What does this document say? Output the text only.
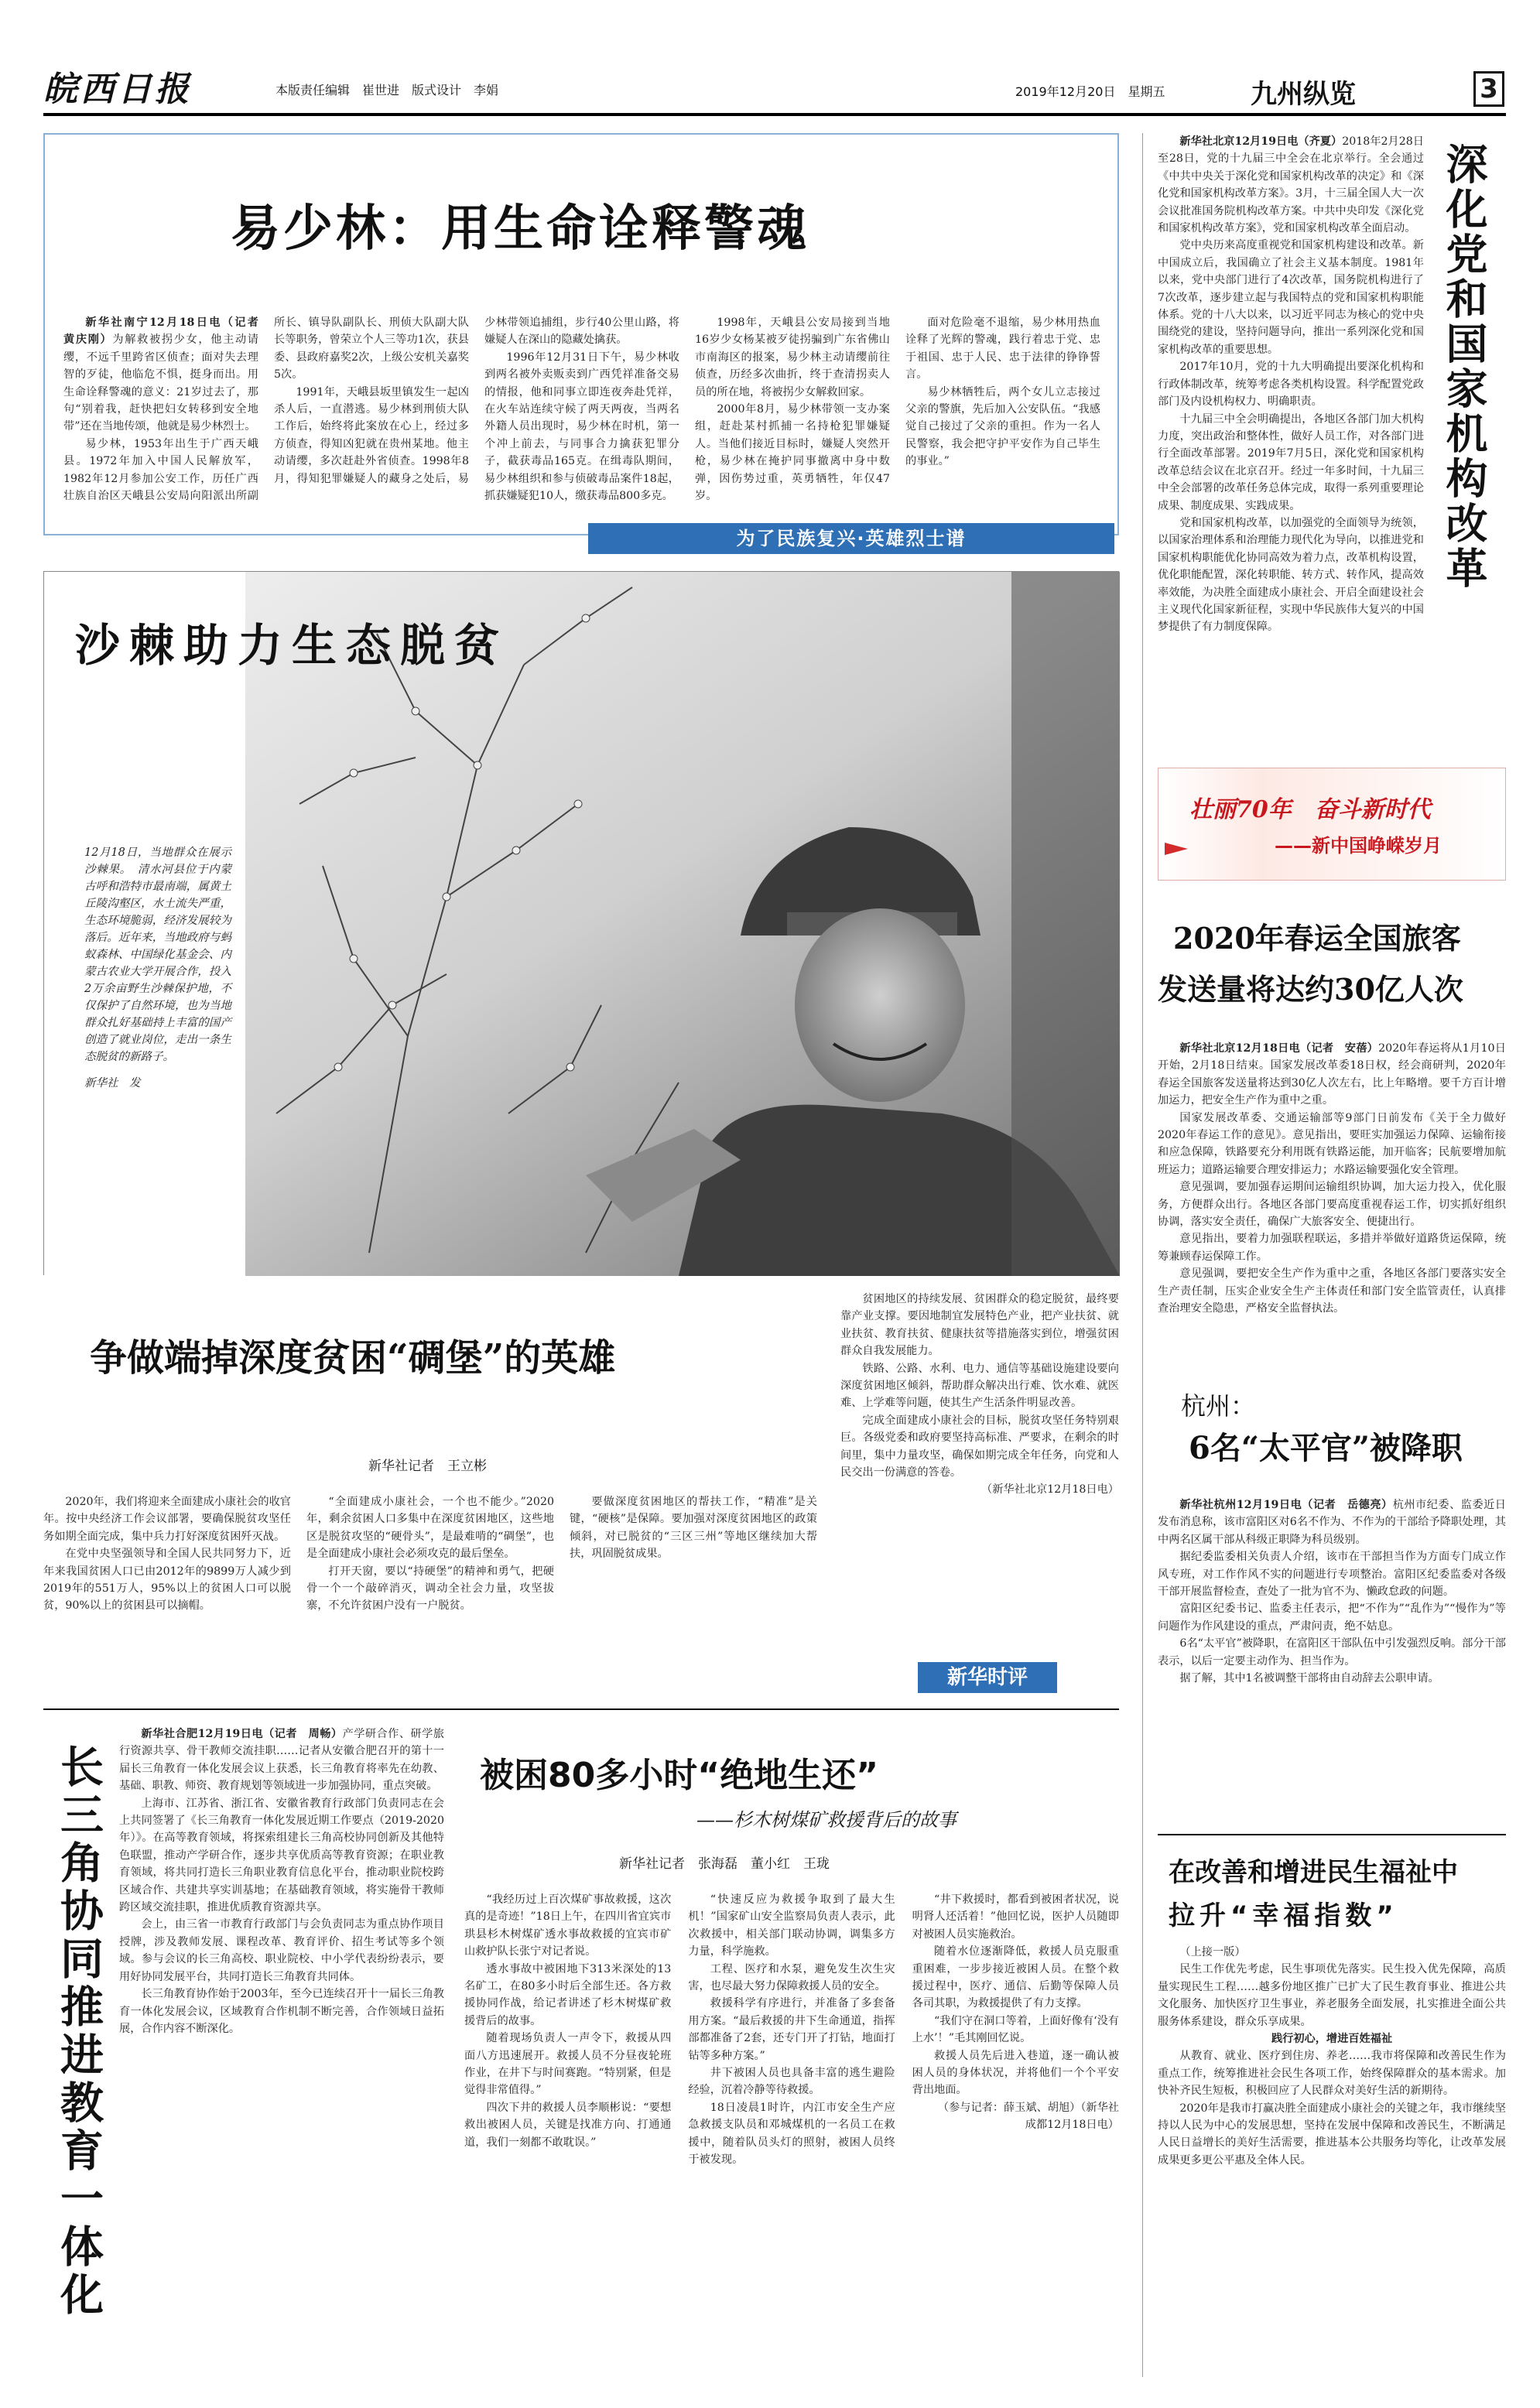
皖西日报	本版责任编辑　崔世进　版式设计　李娟	2019年12月20日　星期五	九州纵览	3
易少林：用生命诠释警魂

新华社南宁12月18日电（记者　黄庆刚）为解救被拐少女，他主动请缨，不远千里跨省区侦查；面对失去理智的歹徒，他临危不惧，挺身而出。用生命诠释警魂的意义：21岁过去了，那句“别着我，赶快把妇女转移到安全地带”还在当地传颂，他就是易少林烈士。

易少林，1953年出生于广西天峨县。1972年加入中国人民解放军，1982年12月参加公安工作，历任广西壮族自治区天峨县公安局向阳派出所副所长、镇导队副队长、刑侦大队副大队长等职务，曾荣立个人三等功1次，获县委、县政府嘉奖2次，上级公安机关嘉奖5次。

1991年，天峨县坂里镇发生一起凶杀人后，一直潜逃。易少林到刑侦大队工作后，始终将此案放在心上，经过多方侦查，得知凶犯就在贵州某地。他主动请缨，多次赶赴外省侦查。1998年8月，得知犯罪嫌疑人的藏身之处后，易少林带领追捕组，步行40公里山路，将嫌疑人在深山的隐藏处擒获。

1996年12月31日下午，易少林收到两名被外卖贩卖到广西凭祥准备交易的情报，他和同事立即连夜奔赴凭祥，在火车站连续守候了两天两夜，当两名外籍人员出现时，易少林在时机，第一个冲上前去，与同事合力擒获犯罪分子，截获毒品165克。在缉毒队期间，易少林组织和参与侦破毒品案件18起，抓获嫌疑犯10人，缴获毒品800多克。

1998年，天峨县公安局接到当地16岁少女杨某被歹徒拐骗到广东省佛山市南海区的报案，易少林主动请缨前往侦查，历经多次曲折，终于查清拐卖人员的所在地，将被拐少女解救回家。

2000年8月，易少林带领一支办案组，赶赴某村抓捕一名持枪犯罪嫌疑人。当他们接近目标时，嫌疑人突然开枪，易少林在掩护同事撤离中身中数弹，因伤势过重，英勇牺牲，年仅47岁。

面对危险毫不退缩，易少林用热血诠释了光辉的警魂，践行着忠于党、忠于祖国、忠于人民、忠于法律的铮铮誓言。

易少林牺牲后，两个女儿立志接过父亲的警旗，先后加入公安队伍。“我感觉自己接过了父亲的重担。作为一名人民警察，我会把守护平安作为自己毕生的事业。”

为了民族复兴·英雄烈士谱
沙棘助力生态脱贫
12月18日，当地群众在展示沙棘果。　清水河县位于内蒙古呼和浩特市最南端，属黄土丘陵沟壑区，水土流失严重，生态环境脆弱，经济发展较为落后。近年来，当地政府与蚂蚁森林、中国绿化基金会、内蒙古农业大学开展合作，投入2万余亩野生沙棘保护地，不仅保护了自然环境，也为当地群众扎好基础持上丰富的国产创造了就业岗位，走出一条生态脱贫的新路子。
新华社　发
争做端掉深度贫困“碉堡”的英雄
新华社记者　王立彬

2020年，我们将迎来全面建成小康社会的收官年。按中央经济工作会议部署，要确保脱贫攻坚任务如期全面完成，集中兵力打好深度贫困歼灭战。

在党中央坚强领导和全国人民共同努力下，近年来我国贫困人口已由2012年的9899万人减少到2019年的551万人，95%以上的贫困人口可以脱贫，90%以上的贫困县可以摘帽。

“全面建成小康社会，一个也不能少。”2020年，剩余贫困人口多集中在深度贫困地区，这些地区是脱贫攻坚的“硬骨头”，是最难啃的“碉堡”，也是全面建成小康社会必须攻克的最后堡垒。

打开天窗，要以“持硬堡”的精神和勇气，把硬骨一个一个敲碎消灭，调动全社会力量，攻坚拔寨，不允许贫困户没有一户脱贫。

要做深度贫困地区的帮扶工作，“精准”是关键，“硬核”是保障。要加强对深度贫困地区的政策倾斜，对已脱贫的“三区三州”等地区继续加大帮扶，巩固脱贫成果。

贫困地区的持续发展、贫困群众的稳定脱贫，最终要靠产业支撑。要因地制宜发展特色产业，把产业扶贫、就业扶贫、教育扶贫、健康扶贫等措施落实到位，增强贫困群众自我发展能力。

铁路、公路、水利、电力、通信等基础设施建设要向深度贫困地区倾斜，帮助群众解决出行难、饮水难、就医难、上学难等问题，使其生产生活条件明显改善。

完成全面建成小康社会的目标，脱贫攻坚任务特别艰巨。各级党委和政府要坚持高标准、严要求，在剩余的时间里，集中力量攻坚，确保如期完成全年任务，向党和人民交出一份满意的答卷。

（新华社北京12月18日电）

新华时评
长三角协同推进教育一体化

新华社合肥12月19日电（记者　周畅）产学研合作、研学旅行资源共享、骨干教师交流挂职……记者从安徽合肥召开的第十一届长三角教育一体化发展会议上获悉，长三角教育将率先在幼教、基础、职教、师资、教育规划等领域进一步加强协同，重点突破。

上海市、江苏省、浙江省、安徽省教育行政部门负责同志在会上共同签署了《长三角教育一体化发展近期工作要点（2019-2020年）》。在高等教育领域，将探索组建长三角高校协同创新及其他特色联盟，推动产学研合作，逐步共享优质高等教育资源；在职业教育领域，将共同打造长三角职业教育信息化平台，推动职业院校跨区域合作、共建共享实训基地；在基础教育领域，将实施骨干教师跨区域交流挂职，推进优质教育资源共享。

会上，由三省一市教育行政部门与会负责同志为重点协作项目授牌，涉及教师发展、课程改革、教育评价、招生考试等多个领域。参与会议的长三角高校、职业院校、中小学代表纷纷表示，要用好协同发展平台，共同打造长三角教育共同体。

长三角教育协作始于2003年，至今已连续召开十一届长三角教育一体化发展会议，区域教育合作机制不断完善，合作领域日益拓展，合作内容不断深化。

被困80多小时“绝地生还”
——杉木树煤矿救援背后的故事
新华社记者　张海磊　董小红　王珑

“我经历过上百次煤矿事故救援，这次真的是奇迹！”18日上午，在四川省宜宾市珙县杉木树煤矿透水事故救援的宜宾市矿山救护队长张宁对记者说。

透水事故中被困地下313米深处的13名矿工，在80多小时后全部生还。各方救援协同作战，给记者讲述了杉木树煤矿救援背后的故事。

随着现场负责人一声令下，救援从四面八方迅速展开。救援人员不分昼夜轮班作业，在井下与时间赛跑。“特别紧，但是觉得非常值得。”

四次下井的救援人员李顺彬说：“要想救出被困人员，关键是找准方向、打通通道，我们一刻都不敢耽误。”

“快速反应为救援争取到了最大生机！”国家矿山安全监察局负责人表示，此次救援中，相关部门联动协调，调集多方力量，科学施救。

工程、医疗和水泵，避免发生次生灾害，也尽最大努力保障救援人员的安全。

救援科学有序进行，并准备了多套备用方案。“最后救援的井下生命通道，指挥部都准备了2套，还专门开了打钻，地面打钻等多种方案。”

井下被困人员也具备丰富的逃生避险经验，沉着冷静等待救援。

18日凌晨1时许，内江市安全生产应急救援支队员和邓城煤机的一名员工在救援中，随着队员头灯的照射，被困人员终于被发现。

“井下救援时，都看到被困者状况，说明肾人还活着！”他回忆说，医护人员随即对被困人员实施救治。

随着水位逐渐降低，救援人员克服重重困难，一步步接近被困人员。在整个救援过程中，医疗、通信、后勤等保障人员各司其职，为救援提供了有力支撑。

“我们守在洞口等着，上面好像有‘没有上水’！”毛其刚回忆说。

救援人员先后进入巷道，逐一确认被困人员的身体状况，并将他们一个个平安背出地面。

（参与记者：薛玉斌、胡旭）（新华社成都12月18日电）

新华社北京12月19日电（齐夏）2018年2月28日至28日，党的十九届三中全会在北京举行。全会通过《中共中央关于深化党和国家机构改革的决定》和《深化党和国家机构改革方案》。3月，十三届全国人大一次会议批准国务院机构改革方案。中共中央印发《深化党和国家机构改革方案》，党和国家机构改革全面启动。

党中央历来高度重视党和国家机构建设和改革。新中国成立后，我国确立了社会主义基本制度。1981年以来，党中央部门进行了4次改革，国务院机构进行了7次改革，逐步建立起与我国特点的党和国家机构职能体系。党的十八大以来，以习近平同志为核心的党中央围绕党的建设，坚持问题导向，推出一系列深化党和国家机构改革的重要思想。

2017年10月，党的十九大明确提出要深化机构和行政体制改革，统筹考虑各类机构设置。科学配置党政部门及内设机构权力、明确职责。

十九届三中全会明确提出，各地区各部门加大机构力度，突出政治和整体性，做好人员工作，对各部门进行全面改革部署。2019年7月5日，深化党和国家机构改革总结会议在北京召开。经过一年多时间，十九届三中全会部署的改革任务总体完成，取得一系列重要理论成果、制度成果、实践成果。

党和国家机构改革，以加强党的全面领导为统领，以国家治理体系和治理能力现代化为导向，以推进党和国家机构职能优化协同高效为着力点，改革机构设置，优化职能配置，深化转职能、转方式、转作风，提高效率效能，为决胜全面建成小康社会、开启全面建设社会主义现代化国家新征程，实现中华民族伟大复兴的中国梦提供了有力制度保障。

深化党和国家机构改革
壮丽70年　奋斗新时代
——新中国峥嵘岁月
2020年春运全国旅客
发送量将达约30亿人次

新华社北京12月18日电（记者　安蓓）2020年春运将从1月10日开始，2月18日结束。国家发展改革委18日权，经会商研判，2020年春运全国旅客发送量将达到30亿人次左右，比上年略增。要千方百计增加运力，把安全生产作为重中之重。

国家发展改革委、交通运输部等9部门日前发布《关于全力做好2020年春运工作的意见》。意见指出，要旺实加强运力保障、运输衔接和应急保障，铁路要充分利用既有铁路运能，加开临客；民航要增加航班运力；道路运输要合理安排运力；水路运输要强化安全管理。

意见强调，要加强春运期间运输组织协调，加大运力投入，优化服务，方便群众出行。各地区各部门要高度重视春运工作，切实抓好组织协调，落实安全责任，确保广大旅客安全、便捷出行。

意见指出，要着力加强联程联运，多措并举做好道路货运保障，统筹兼顾春运保障工作。

意见强调，要把安全生产作为重中之重，各地区各部门要落实安全生产责任制，压实企业安全生产主体责任和部门安全监管责任，认真排查治理安全隐患，严格安全监督执法。

杭州：
6名“太平官”被降职

新华社杭州12月19日电（记者　岳德亮）杭州市纪委、监委近日发布消息称，该市富阳区对6名不作为、不作为的干部给予降职处理，其中两名区属干部从科级正职降为科员级别。

据纪委监委相关负责人介绍，该市在干部担当作为方面专门成立作风专班，对工作作风不实的问题进行专项整治。富阳区纪委监委对各级干部开展监督检查，查处了一批为官不为、懒政怠政的问题。

富阳区纪委书记、监委主任表示，把“不作为”“乱作为”“慢作为”等问题作为作风建设的重点，严肃问责，绝不姑息。

6名“太平官”被降职，在富阳区干部队伍中引发强烈反响。部分干部表示，以后一定要主动作为、担当作为。

据了解，其中1名被调整干部将由自动辞去公职申请。

在改善和增进民生福祉中
拉升“幸福指数”

（上接一版）

民生工作优先考虑，民生事项优先落实。民生投入优先保障，高质量实现民生工程……越多份地区推广已扩大了民生教育事业、推进公共文化服务、加快医疗卫生事业，养老服务全面发展，扎实推进全面公共服务体系建设，群众乐享成果。

践行初心，增进百姓福祉

从教育、就业、医疗到住房、养老……我市将保障和改善民生作为重点工作，统筹推进社会民生各项工作，始终保障群众的基本需求。加快补齐民生短板，积极回应了人民群众对美好生活的新期待。

2020年是我市打赢决胜全面建成小康社会的关键之年，我市继续坚持以人民为中心的发展思想，坚持在发展中保障和改善民生，不断满足人民日益增长的美好生活需要，推进基本公共服务均等化，让改革发展成果更多更公平惠及全体人民。
